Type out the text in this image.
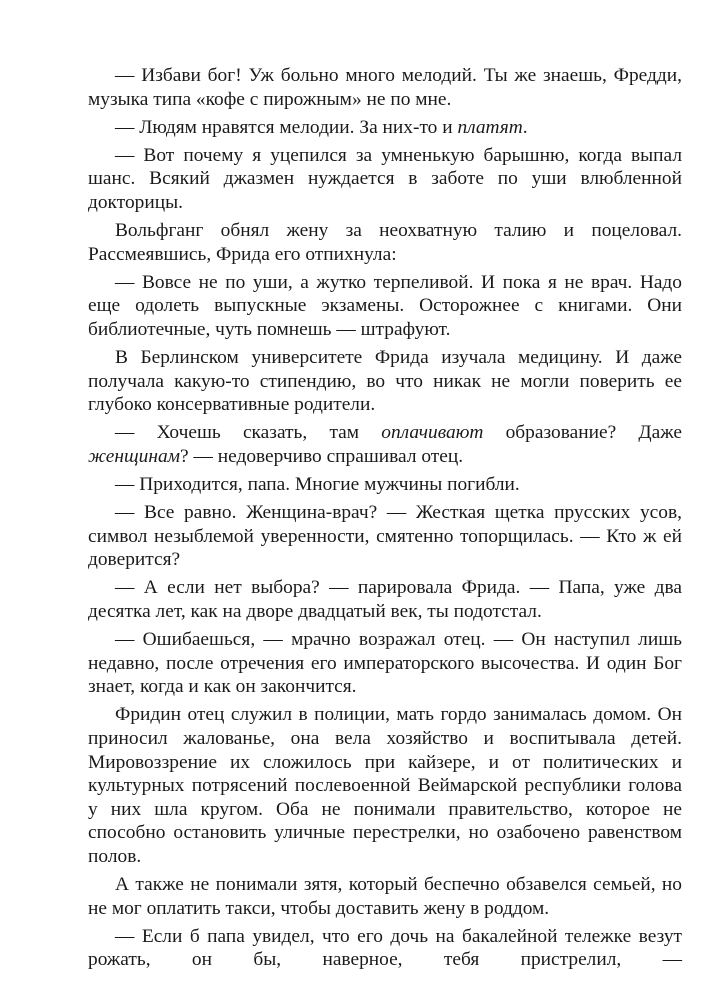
— Избави бог! Уж больно много мелодий. Ты же знаешь, Фредди, музыка типа «кофе с пирожным» не по мне.

— Людям нравятся мелодии. За них-то и платят.

— Вот почему я уцепился за умненькую барышню, когда выпал шанс. Всякий джазмен нуждается в заботе по уши влюбленной докторицы.

Вольфганг обнял жену за неохватную талию и поцеловал. Рассмеявшись, Фрида его отпихнула:

— Вовсе не по уши, а жутко терпеливой. И пока я не врач. Надо еще одолеть выпускные экзамены. Осторожнее с книгами. Они библиотечные, чуть помнешь — штрафуют.

В Берлинском университете Фрида изучала медицину. И даже получала какую-то стипендию, во что никак не могли поверить ее глубоко консервативные родители.

— Хочешь сказать, там оплачивают образование? Даже женщинам? — недоверчиво спрашивал отец.

— Приходится, папа. Многие мужчины погибли.

— Все равно. Женщина-врач? — Жесткая щетка прусских усов, символ незыблемой уверенности, смятенно топорщилась. — Кто ж ей доверится?

— А если нет выбора? — парировала Фрида. — Папа, уже два десятка лет, как на дворе двадцатый век, ты подотстал.

— Ошибаешься, — мрачно возражал отец. — Он наступил лишь недавно, после отречения его императорского высочества. И один Бог знает, когда и как он закончится.

Фридин отец служил в полиции, мать гордо занималась домом. Он приносил жалованье, она вела хозяйство и воспитывала детей. Мировоззрение их сложилось при кайзере, и от политических и культурных потрясений послевоенной Веймарской республики голова у них шла кругом. Оба не понимали правительство, которое не способно остановить уличные перестрелки, но озабочено равенством полов.

А также не понимали зятя, который беспечно обзавелся семьей, но не мог оплатить такси, чтобы доставить жену в роддом.

— Если б папа увидел, что его дочь на бакалейной тележке везут рожать, он бы, наверное, тебя пристрелил, —
